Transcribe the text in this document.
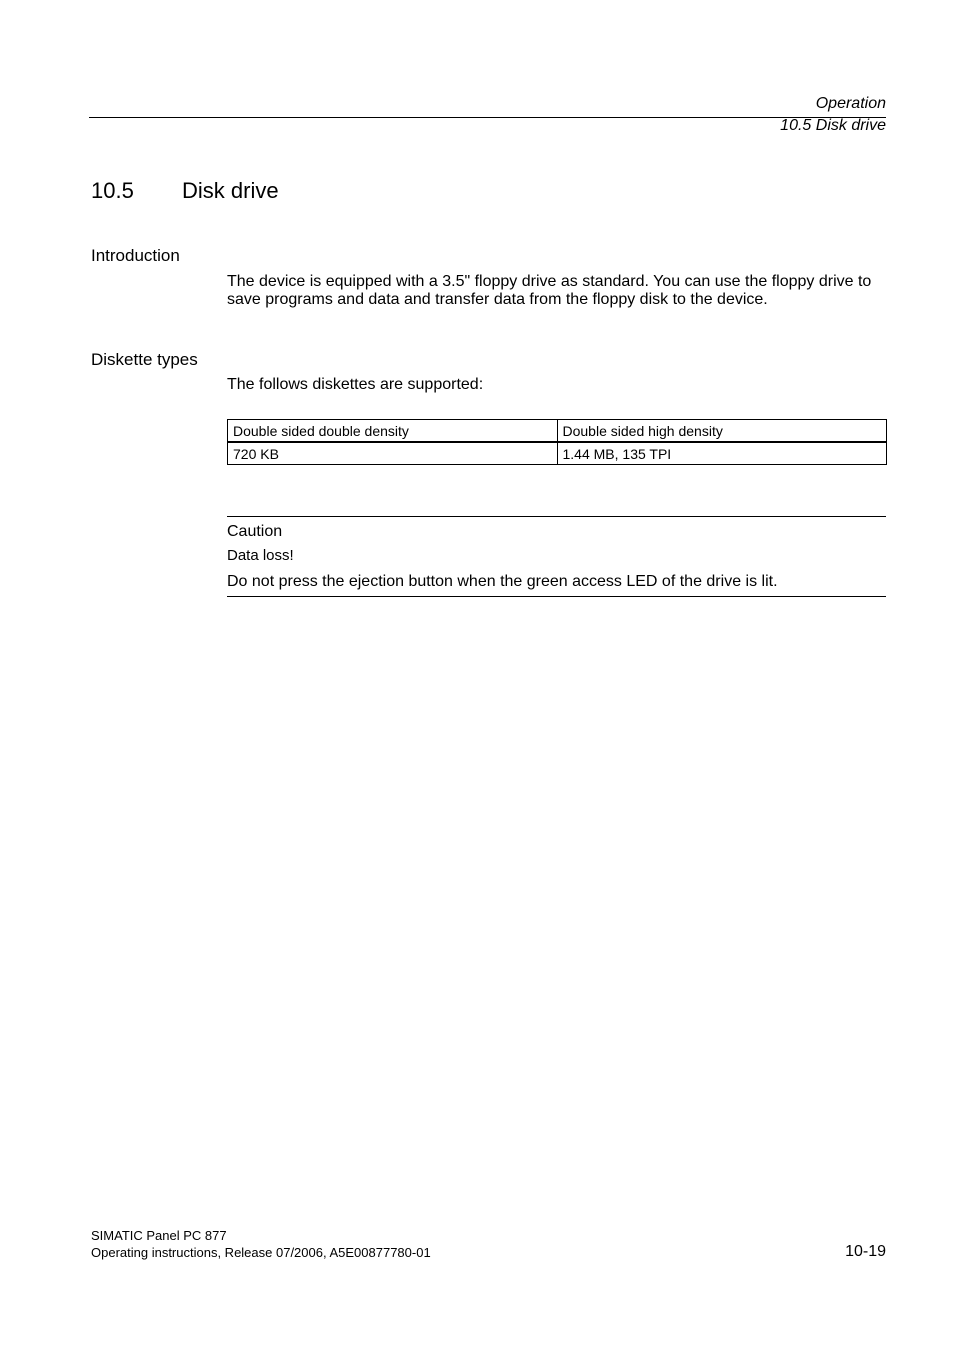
Operation
10.5 Disk drive
10.5 Disk drive
Introduction
The device is equipped with a 3.5" floppy drive as standard. You can use the floppy drive to save programs and data and transfer data from the floppy disk to the device.
Diskette types
The follows diskettes are supported:
Double sided double density	Double sided high density
720 KB	1.44 MB, 135 TPI
Caution
Data loss!
Do not press the ejection button when the green access LED of the drive is lit.
SIMATIC Panel PC 877
Operating instructions, Release 07/2006, A5E00877780-01	10-19
